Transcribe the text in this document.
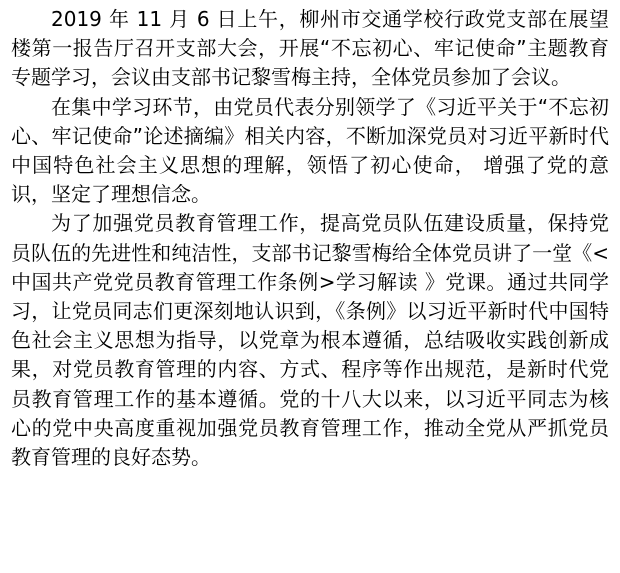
2019 年 11 月 6 日上午，柳州市交通学校行政党支部在展望楼第一报告厅召开支部大会，开展“不忘初心、牢记使命”主题教育专题学习，会议由支部书记黎雪梅主持，全体党员参加了会议。

在集中学习环节，由党员代表分别领学了《习近平关于“不忘初心、牢记使命”论述摘编》相关内容，不断加深党员对习近平新时代中国特色社会主义思想的理解，领悟了初心使命， 增强了党的意识，坚定了理想信念。

为了加强党员教育管理工作，提高党员队伍建设质量，保持党员队伍的先进性和纯洁性，支部书记黎雪梅给全体党员讲了一堂《<中国共产党党员教育管理工作条例>学习解读 》党课。通过共同学习，让党员同志们更深刻地认识到，《条例》以习近平新时代中国特色社会主义思想为指导，以党章为根本遵循，总结吸收实践创新成果，对党员教育管理的内容、方式、程序等作出规范，是新时代党员教育管理工作的基本遵循。党的十八大以来，以习近平同志为核心的党中央高度重视加强党员教育管理工作，推动全党从严抓党员教育管理的良好态势。
